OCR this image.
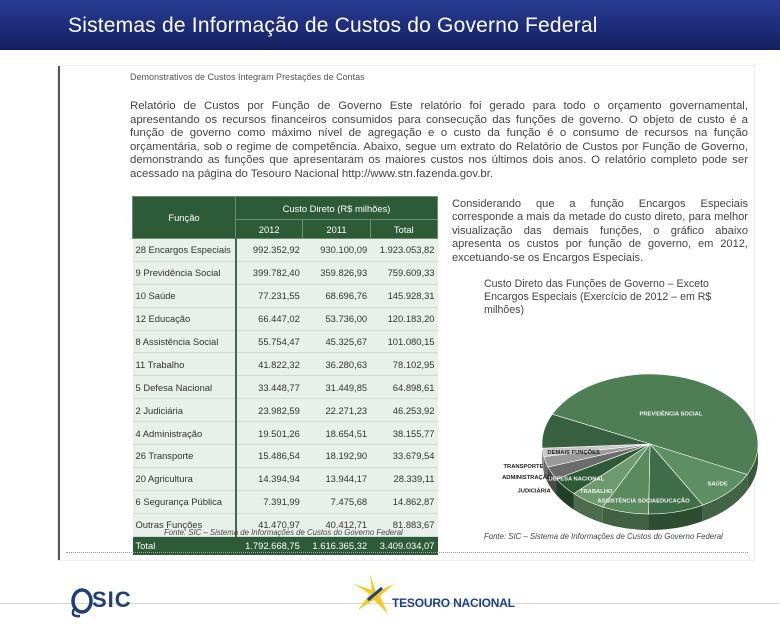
Sistemas de Informação de Custos do Governo Federal
Demonstrativos de Custos Integram Prestações de Contas
Relatório de Custos por Função de Governo Este relatório foi gerado para todo o orçamento governamental, apresentando os recursos financeiros consumidos para consecução das funções de governo. O objeto de custo é a função de governo como máximo nível de agregação e o custo da função é o consumo de recursos na função orçamentária, sob o regime de competência. Abaixo, segue um extrato do Relatório de Custos por Função de Governo, demonstrando as funções que apresentaram os maiores custos nos últimos dois anos. O relatório completo pode ser acessado na página do Tesouro Nacional http://www.stn.fazenda.gov.br.
Função	Custo Direto (R$ milhões)		
	2012	2011	Total
28 Encargos Especiais	992.352,92	930.100,09	1.923.053,82
9 Previdência Social	399.782,40	359.826,93	759.609,33
10 Saúde	77.231,55	68.696,76	145.928,31
12 Educação	66.447,02	53.736,00	120.183,20
8 Assistência Social	55.754,47	45.325,67	101.080,15
11 Trabalho	41.822,32	36.280,63	78.102,95
5 Defesa Nacional	33.448,77	31.449,85	64.898,61
2 Judiciária	23.982,59	22.271,23	46.253,92
4 Administração	19.501,26	18.654,51	38.155,77
26 Transporte	15.486,54	18.192,90	33.679,54
20 Agricultura	14.394,94	13.944,17	28.339,11
6 Segurança Pública	7.391,99	7.475,68	14.862,87
Outras Funções	41.470,97	40.412,71	81.883,67
Total	1.792.668,75	1.616.365,32	3.409.034,07
Fonte: SIC – Sistema de Informações de Custos do Governo Federal
Considerando que a função Encargos Especiais corresponde a mais da metade do custo direto, para melhor visualização das demais funções, o gráfico abaixo apresenta os custos por função de governo, em 2012, excetuando-se os Encargos Especiais.
Custo Direto das Funções de Governo – Exceto Encargos Especiais (Exercício de 2012 – em R$ milhões)
PREVIDÊNCIA SOCIAL
SAÚDE
EDUCAÇÃO
ASSISTÊNCIA SOCIAL
TRABALHO
DEFESA NACIONAL
JUDICIÁRIA
ADMINISTRAÇÃO
TRANSPORTE
DEMAIS FUNÇÕES
Fonte: SIC – Sistema de Informações de Custos do Governo Federal
SIC	TESOURO NACIONAL
